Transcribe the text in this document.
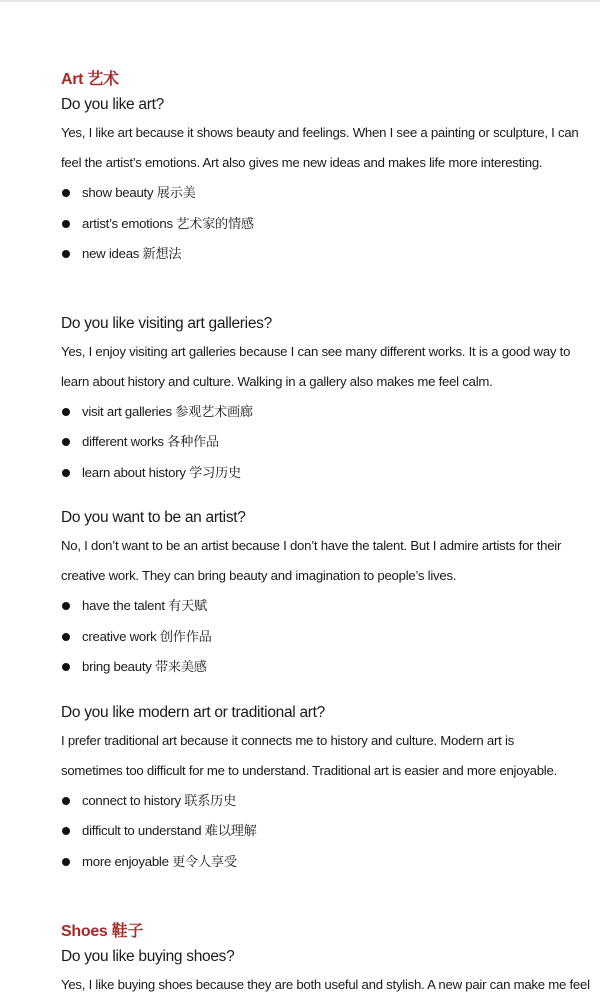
Art 艺术

Do you like art?

Yes, I like art because it shows beauty and feelings. When I see a painting or sculpture, I can

feel the artist’s emotions. Art also gives me new ideas and makes life more interesting.

show beauty 展示美
artist’s emotions 艺术家的情感
new ideas 新想法

Do you like visiting art galleries?

Yes, I enjoy visiting art galleries because I can see many different works. It is a good way to

learn about history and culture. Walking in a gallery also makes me feel calm.

visit art galleries 参观艺术画廊
different works 各种作品
learn about history 学习历史

Do you want to be an artist?

No, I don’t want to be an artist because I don’t have the talent. But I admire artists for their

creative work. They can bring beauty and imagination to people’s lives.

have the talent 有天赋
creative work 创作作品
bring beauty 带来美感

Do you like modern art or traditional art?

I prefer traditional art because it connects me to history and culture. Modern art is

sometimes too difficult for me to understand. Traditional art is easier and more enjoyable.

connect to history 联系历史
difficult to understand 难以理解
more enjoyable 更令人享受
Shoes 鞋子

Do you like buying shoes?

Yes, I like buying shoes because they are both useful and stylish. A new pair can make me feel
